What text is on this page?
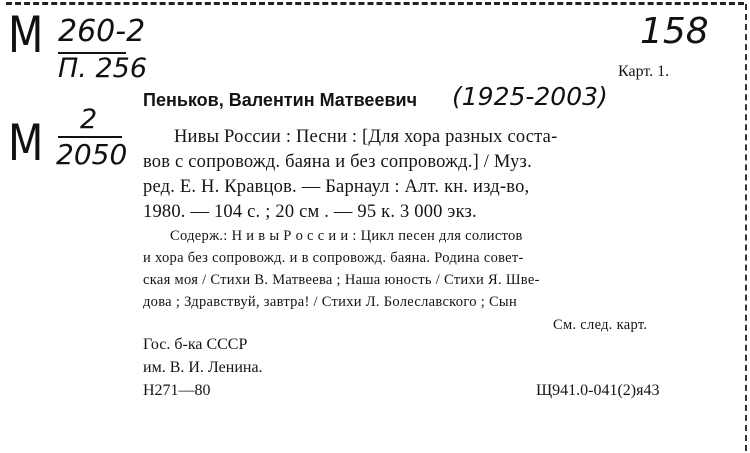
М 260-2
П. 256
М 2
2050
158
Карт. 1.
Пеньков, Валентин Матвеевич (1925-2003)
Нивы России : Песни : [Для хора разных соста-
вов с сопровожд. баяна и без сопровожд.] / Муз.
ред. Е. Н. Кравцов. — Барнаул : Алт. кн. изд-во,
1980. — 104 с. ; 20 см . — 95 к. 3 000 экз.
Содерж.: Н и в ы Р о с с и и : Цикл песен для солистов
и хора без сопровожд. и в сопровожд. баяна. Родина совет-
ская моя / Стихи В. Матвеева ; Наша юность / Стихи Я. Шве-
дова ; Здравствуй, завтра! / Стихи Л. Болеславского ; Сын
См. след. карт.
Гос. б-ка СССР
им. В. И. Ленина.
Н271—80	Щ941.0-041(2)я43
